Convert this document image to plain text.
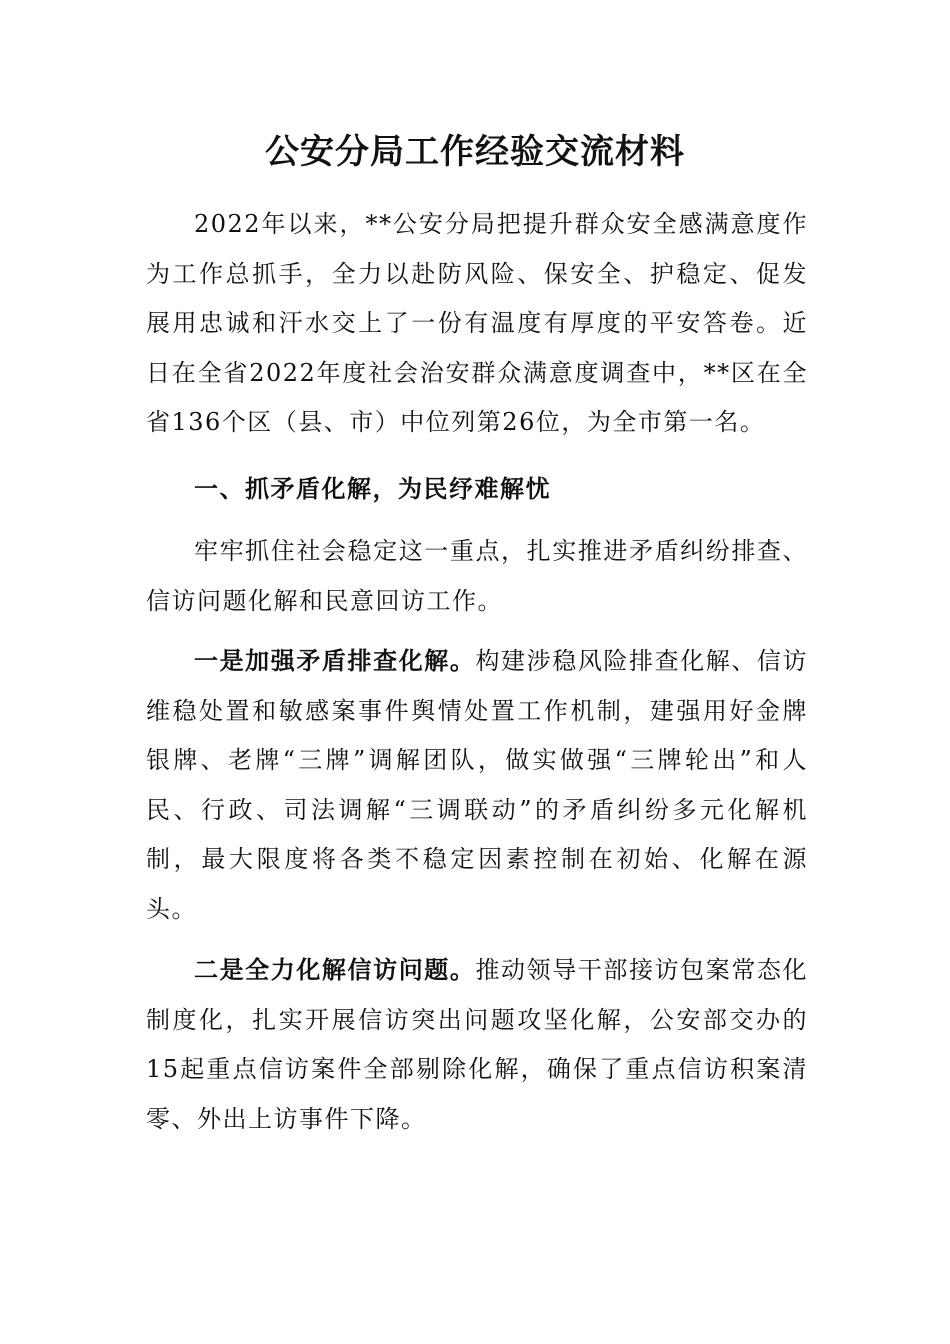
公安分局工作经验交流材料

2022年以来，**公安分局把提升群众安全感满意度作为工作总抓手，全力以赴防风险、保安全、护稳定、促发展用忠诚和汗水交上了一份有温度有厚度的平安答卷。近日在全省2022年度社会治安群众满意度调查中，**区在全省136个区（县、市）中位列第26位，为全市第一名。

一、抓矛盾化解，为民纾难解忧

牢牢抓住社会稳定这一重点，扎实推进矛盾纠纷排查、信访问题化解和民意回访工作。

一是加强矛盾排查化解。构建涉稳风险排查化解、信访维稳处置和敏感案事件舆情处置工作机制，建强用好金牌银牌、老牌“三牌”调解团队，做实做强“三牌轮出”和人民、行政、司法调解“三调联动”的矛盾纠纷多元化解机制，最大限度将各类不稳定因素控制在初始、化解在源头。

二是全力化解信访问题。推动领导干部接访包案常态化制度化，扎实开展信访突出问题攻坚化解，公安部交办的15起重点信访案件全部剔除化解，确保了重点信访积案清零、外出上访事件下降。
